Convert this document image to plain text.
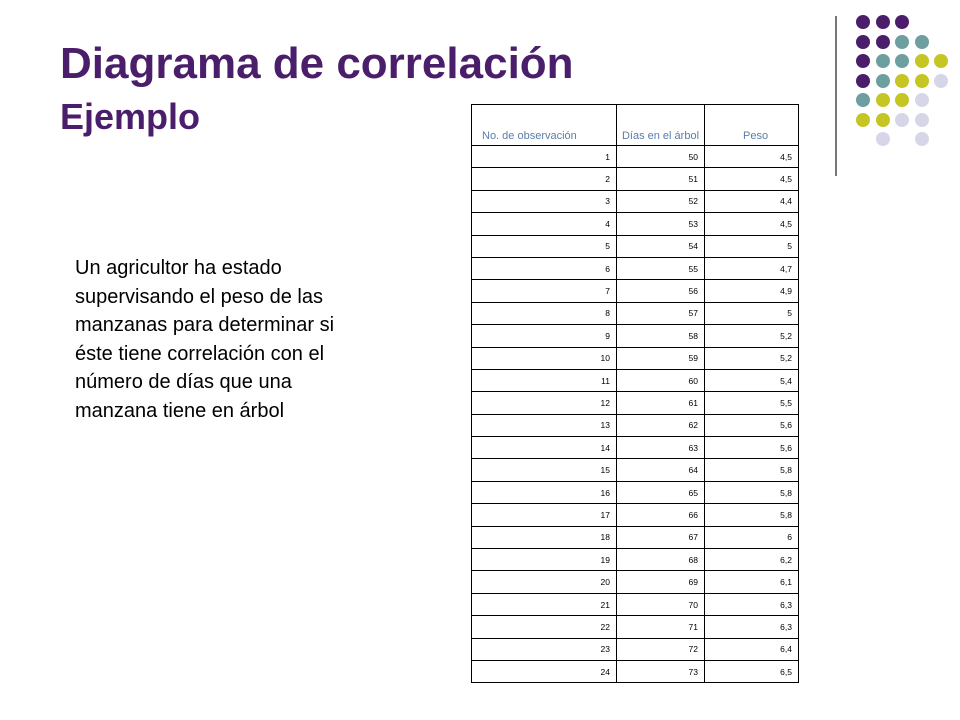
Diagrama de correlación
Ejemplo
Un agricultor ha estado supervisando el peso de las manzanas para determinar si éste tiene correlación con el número de días que una manzana tiene en árbol
No. de observación	Días en el árbol	Peso
1	50	4,5
2	51	4,5
3	52	4,4
4	53	4,5
5	54	5
6	55	4,7
7	56	4,9
8	57	5
9	58	5,2
10	59	5,2
11	60	5,4
12	61	5,5
13	62	5,6
14	63	5,6
15	64	5,8
16	65	5,8
17	66	5,8
18	67	6
19	68	6,2
20	69	6,1
21	70	6,3
22	71	6,3
23	72	6,4
24	73	6,5
